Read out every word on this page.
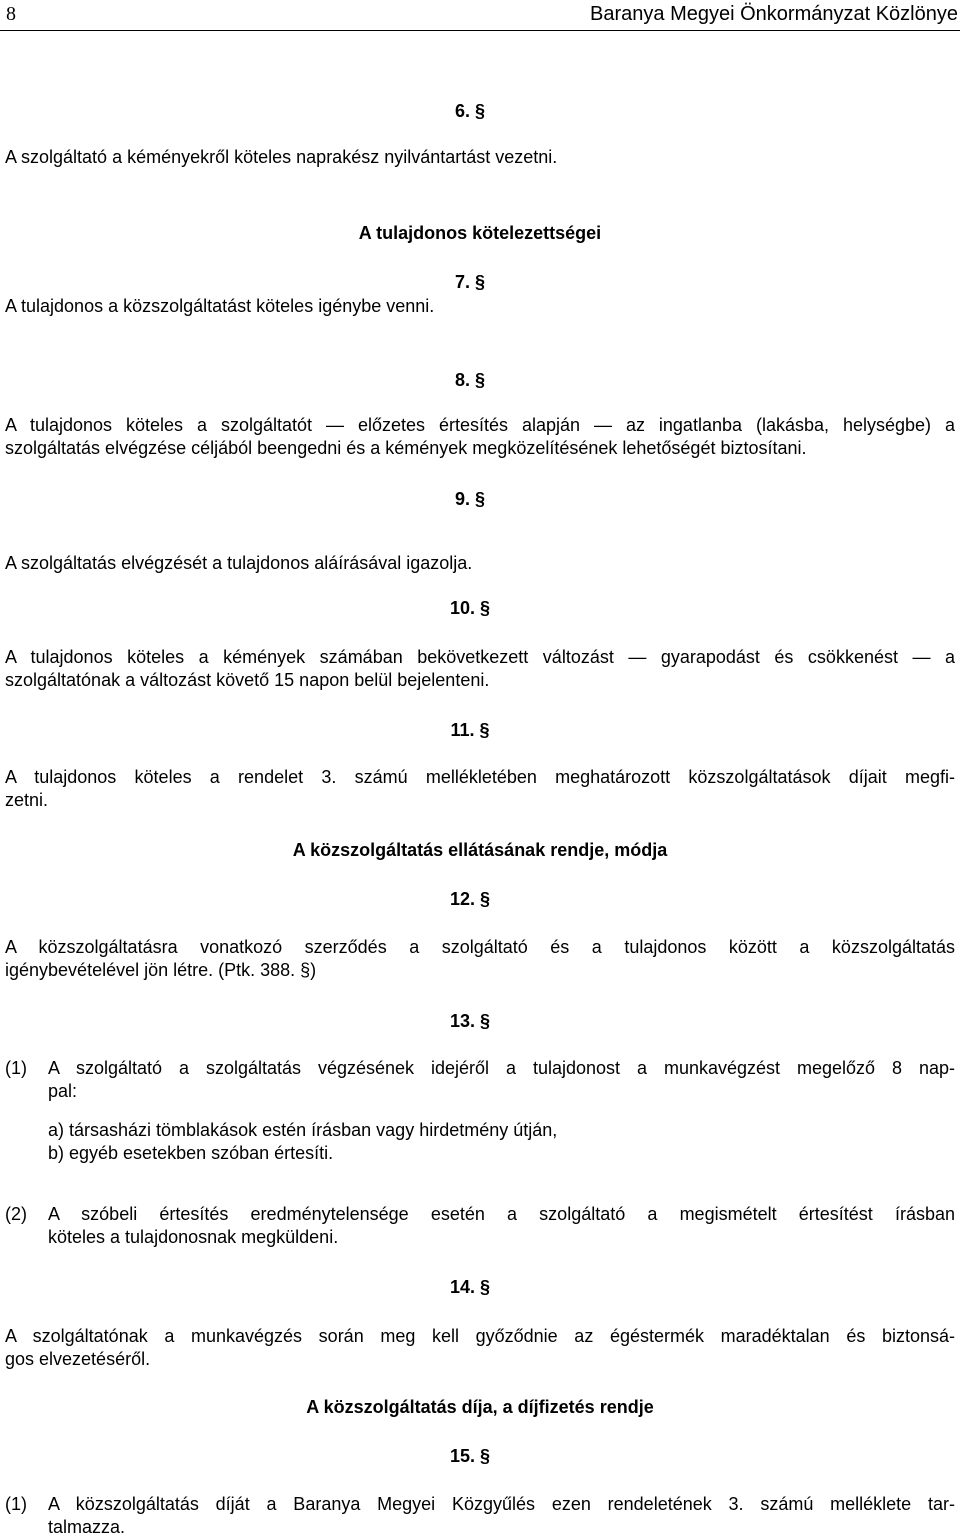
8	Baranya Megyei Önkormányzat Közlönye
6. §
A szolgáltató a kéményekről köteles naprakész nyilvántartást vezetni.
A tulajdonos kötelezettségei
7. §
A tulajdonos a közszolgáltatást köteles igénybe venni.
8. §
A tulajdonos köteles a szolgáltatót ― előzetes értesítés alapján ― az ingatlanba (lakásba, helységbe) a
szolgáltatás elvégzése céljából beengedni és a kémények megközelítésének lehetőségét biztosítani.
9. §
A szolgáltatás elvégzését a tulajdonos aláírásával igazolja.
10. §
A tulajdonos köteles a kémények számában bekövetkezett változást ― gyarapodást és csökkenést ― a
szolgáltatónak a változást követő 15 napon belül bejelenteni.
11. §
A tulajdonos köteles a rendelet 3. számú mellékletében meghatározott közszolgáltatások díjait megfi-
zetni.
A közszolgáltatás ellátásának rendje, módja
12. §
A közszolgáltatásra vonatkozó szerződés a szolgáltató és a tulajdonos között a közszolgáltatás
igénybevételével jön létre. (Ptk. 388. §)
13. §
(1) A szolgáltató a szolgáltatás végzésének idejéről a tulajdonost a munkavégzést megelőző 8 nap-
pal:
a) társasházi tömblakások estén írásban vagy hirdetmény útján,
b) egyéb esetekben szóban értesíti.
(2) A szóbeli értesítés eredménytelensége esetén a szolgáltató a megismételt értesítést írásban
köteles a tulajdonosnak megküldeni.
14. §
A szolgáltatónak a munkavégzés során meg kell győződnie az égéstermék maradéktalan és biztonsá-
gos elvezetéséről.
A közszolgáltatás díja, a díjfizetés rendje
15. §
(1) A közszolgáltatás díját a Baranya Megyei Közgyűlés ezen rendeletének 3. számú melléklete tar-
talmazza.
